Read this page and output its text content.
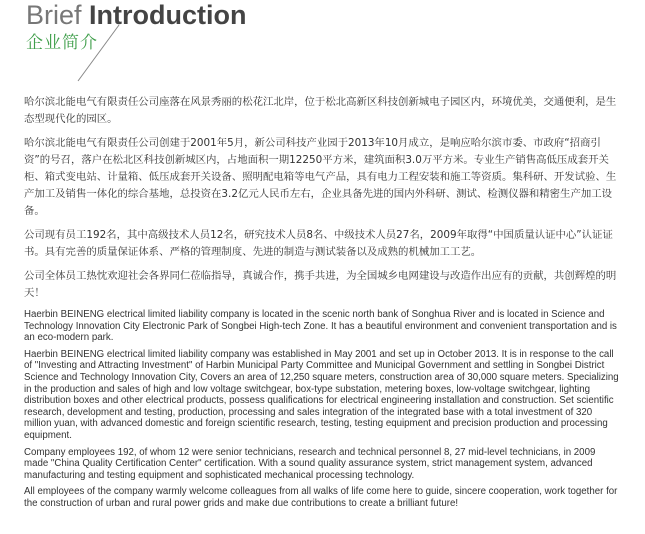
Brief Introduction
企业简介

哈尔滨北能电气有限责任公司座落在风景秀丽的松花江北岸，位于松北高新区科技创新城电子园区内，环境优美，交通便利，是生态型现代化的园区。

哈尔滨北能电气有限责任公司创建于2001年5月，新公司科技产业园于2013年10月成立，是响应哈尔滨市委、市政府“招商引资”的号召，落户在松北区科技创新城区内，占地面积一期12250平方米，建筑面积3.0万平方米。专业生产销售高低压成套开关柜、箱式变电站、计量箱、低压成套开关设备、照明配电箱等电气产品，具有电力工程安装和施工等资质。集科研、开发试验、生产加工及销售一体化的综合基地，总投资在3.2亿元人民币左右，企业具备先进的国内外科研、测试、检测仪器和精密生产加工设备。

公司现有员工192名，其中高级技术人员12名，研究技术人员8名、中级技术人员27名，2009年取得“中国质量认证中心”认证证书。具有完善的质量保证体系、严格的管理制度、先进的制造与测试装备以及成熟的机械加工工艺。

公司全体员工热忱欢迎社会各界同仁莅临指导，真诚合作，携手共进，为全国城乡电网建设与改造作出应有的贡献，共创辉煌的明天！

Haerbin BEINENG electrical limited liability company is located in the scenic north bank of Songhua River and is located in Science and Technology Innovation City Electronic Park of Songbei High-tech Zone. It has a beautiful environment and convenient transportation and is an eco-modern park.

Haerbin BEINENG electrical limited liability company was established in May 2001 and set up in October 2013. It is in response to the call of "Investing and Attracting Investment" of Harbin Municipal Party Committee and Municipal Government and settling in Songbei District Science and Technology Innovation City, Covers an area of 12,250 square meters, construction area of 30,000 square meters. Specializing in the production and sales of high and low voltage switchgear, box-type substation, metering boxes, low-voltage switchgear, lighting distribution boxes and other electrical products, possess qualifications for electrical engineering installation and construction. Set scientific research, development and testing, production, processing and sales integration of the integrated base with a total investment of 320 million yuan, with advanced domestic and foreign scientific research, testing, testing equipment and precision production and processing equipment.

Company employees 192, of whom 12 were senior technicians, research and technical personnel 8, 27 mid-level technicians, in 2009 made "China Quality Certification Center" certification. With a sound quality assurance system, strict management system, advanced manufacturing and testing equipment and sophisticated mechanical processing technology.

All employees of the company warmly welcome colleagues from all walks of life come here to guide, sincere cooperation, work together for the construction of urban and rural power grids and make due contributions to create a brilliant future!
